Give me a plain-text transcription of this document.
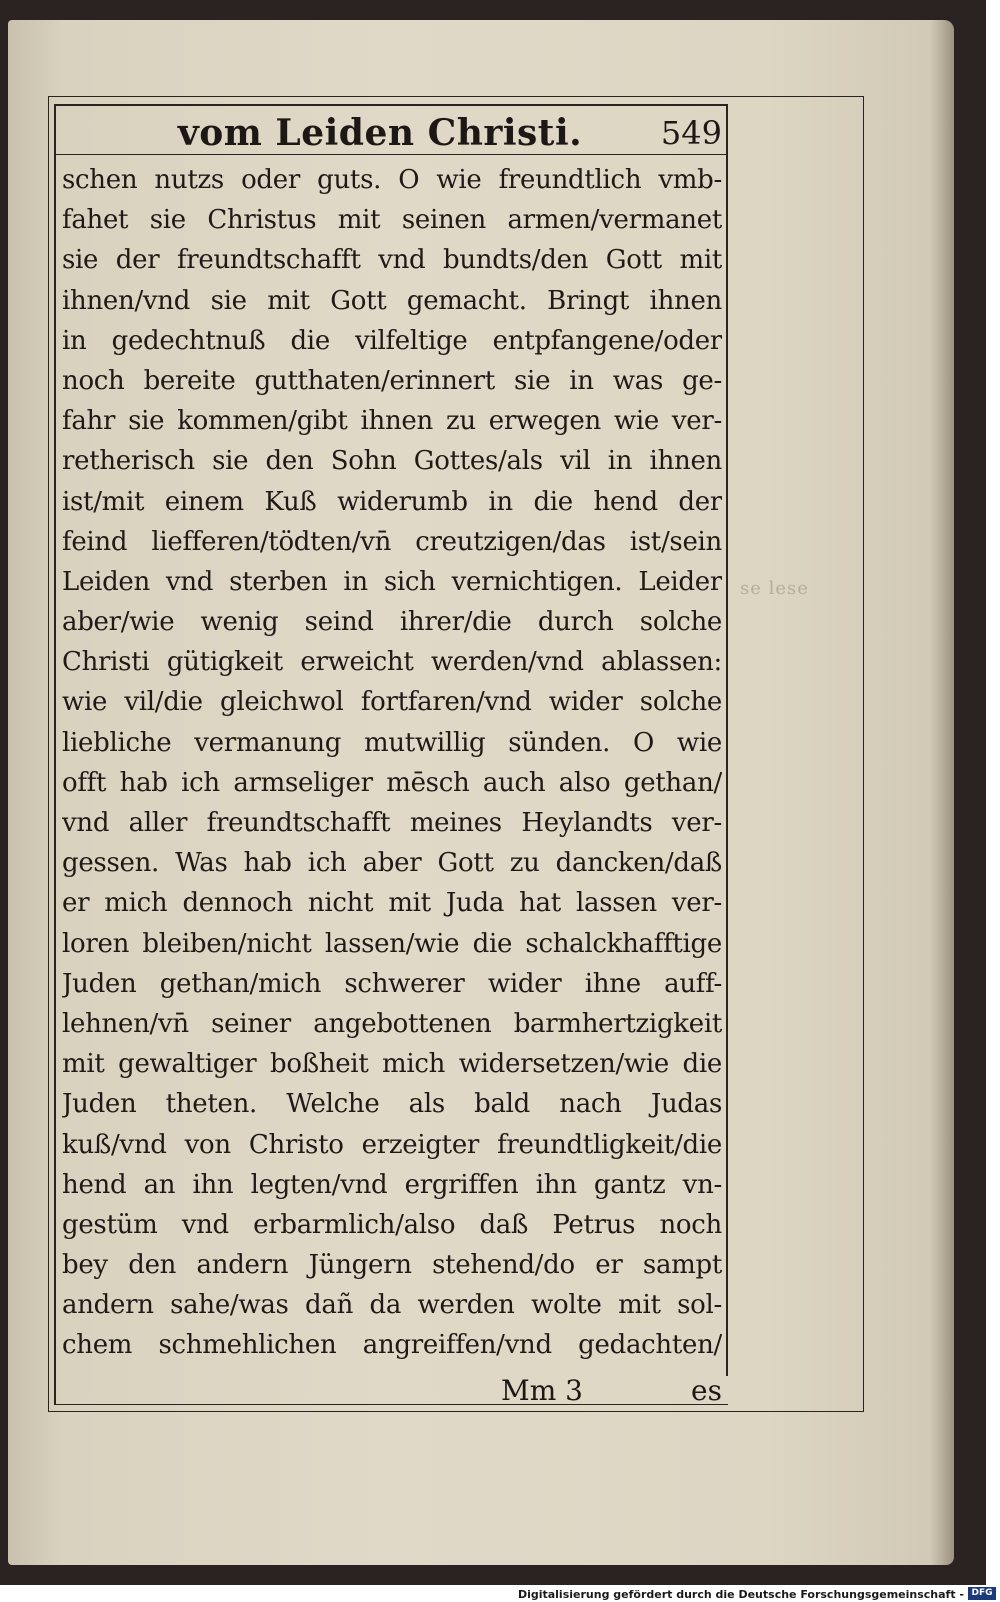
vom Leiden Christi.	549
schen nutzs oder guts. O wie freundtlich vmb-
fahet sie Christus mit seinen armen/vermanet
sie der freundtschafft vnd bundts/den Gott mit
ihnen/vnd sie mit Gott gemacht. Bringt ihnen
in gedechtnuß die vilfeltige entpfangene/oder
noch bereite gutthaten/erinnert sie in was ge-
fahr sie kommen/gibt ihnen zu erwegen wie ver-
retherisch sie den Sohn Gottes/als vil in ihnen
ist/mit einem Kuß widerumb in die hend der
feind liefferen/tödten/vn̄ creutzigen/das ist/sein
Leiden vnd sterben in sich vernichtigen. Leider
aber/wie wenig seind ihrer/die durch solche
Christi gütigkeit erweicht werden/vnd ablassen:
wie vil/die gleichwol fortfaren/vnd wider solche
liebliche vermanung mutwillig sünden. O wie
offt hab ich armseliger mēsch auch also gethan/
vnd aller freundtschafft meines Heylandts ver-
gessen. Was hab ich aber Gott zu dancken/daß
er mich dennoch nicht mit Juda hat lassen ver-
loren bleiben/nicht lassen/wie die schalckhafftige
Juden gethan/mich schwerer wider ihne auff-
lehnen/vn̄ seiner angebottenen barmhertzigkeit
mit gewaltiger boßheit mich widersetzen/wie die
Juden theten. Welche als bald nach Judas
kuß/vnd von Christo erzeigter freundtligkeit/die
hend an ihn legten/vnd ergriffen ihn gantz vn-
gestüm vnd erbarmlich/also daß Petrus noch
bey den andern Jüngern stehend/do er sampt
andern sahe/was dañ da werden wolte mit sol-
chem schmehlichen angreiffen/vnd gedachten/
Mm 3	es
se lese
Digitalisierung gefördert durch die Deutsche Forschungsgemeinschaft - DFG
